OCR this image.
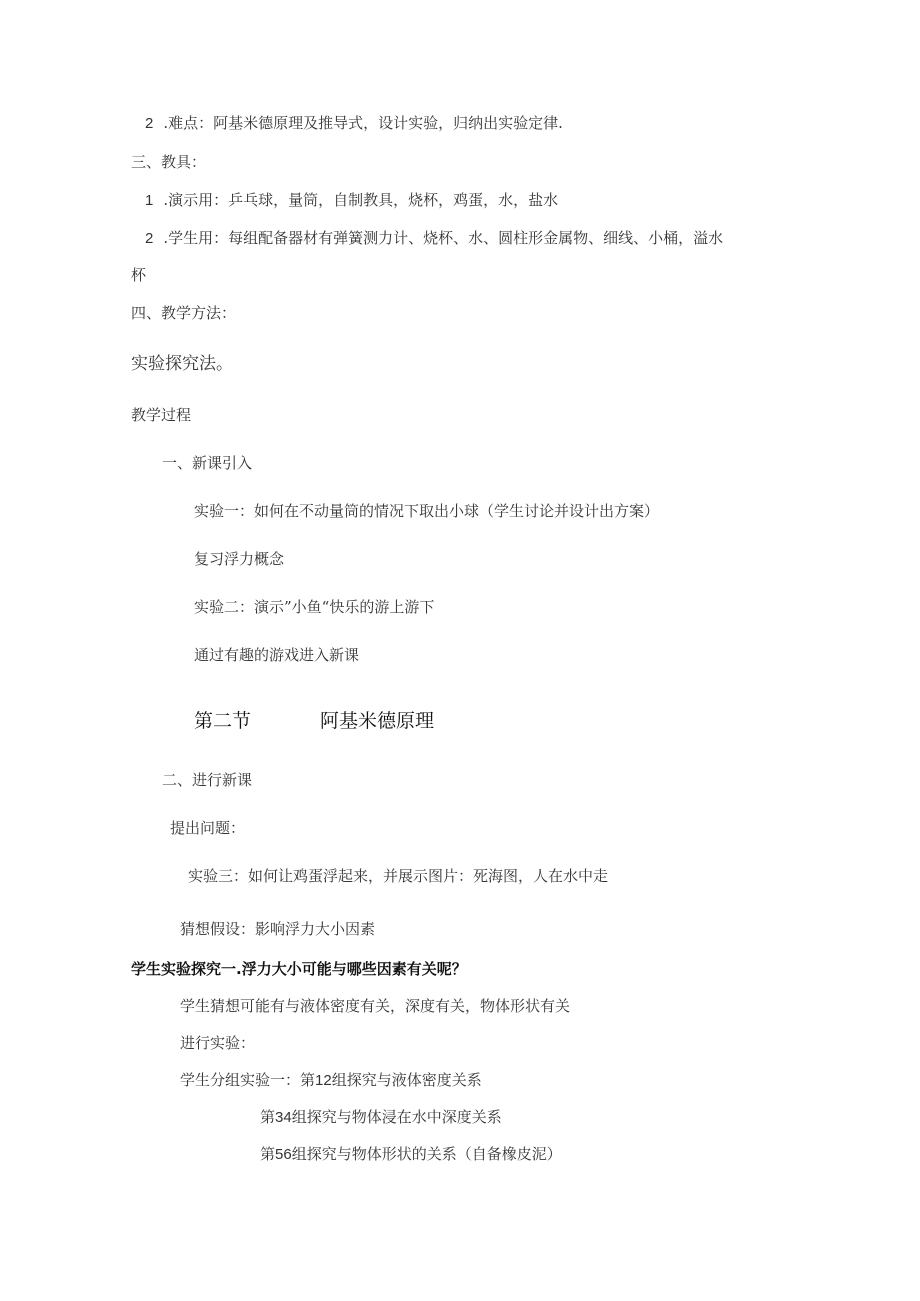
2 .难点：阿基米德原理及推导式，设计实验，归纳出实验定律.
三、教具：
1 .演示用：乒乓球，量筒，自制教具，烧杯，鸡蛋，水，盐水
2 .学生用：每组配备器材有弹簧测力计、烧杯、水、圆柱形金属物、细线、小桶，溢水
杯
四、教学方法：
实验探究法。
教学过程
一、新课引入
实验一：如何在不动量筒的情况下取出小球（学生讨论并设计出方案）
复习浮力概念
实验二：演示”小鱼“快乐的游上游下
通过有趣的游戏进入新课
第二节	阿基米德原理
二、进行新课
提出问题：
实验三：如何让鸡蛋浮起来，并展示图片：死海图，人在水中走
猜想假设：影响浮力大小因素
学生实验探究一.浮力大小可能与哪些因素有关呢？
学生猜想可能有与液体密度有关，深度有关，物体形状有关
进行实验：
学生分组实验一：第12组探究与液体密度关系
第34组探究与物体浸在水中深度关系
第56组探究与物体形状的关系（自备橡皮泥）
